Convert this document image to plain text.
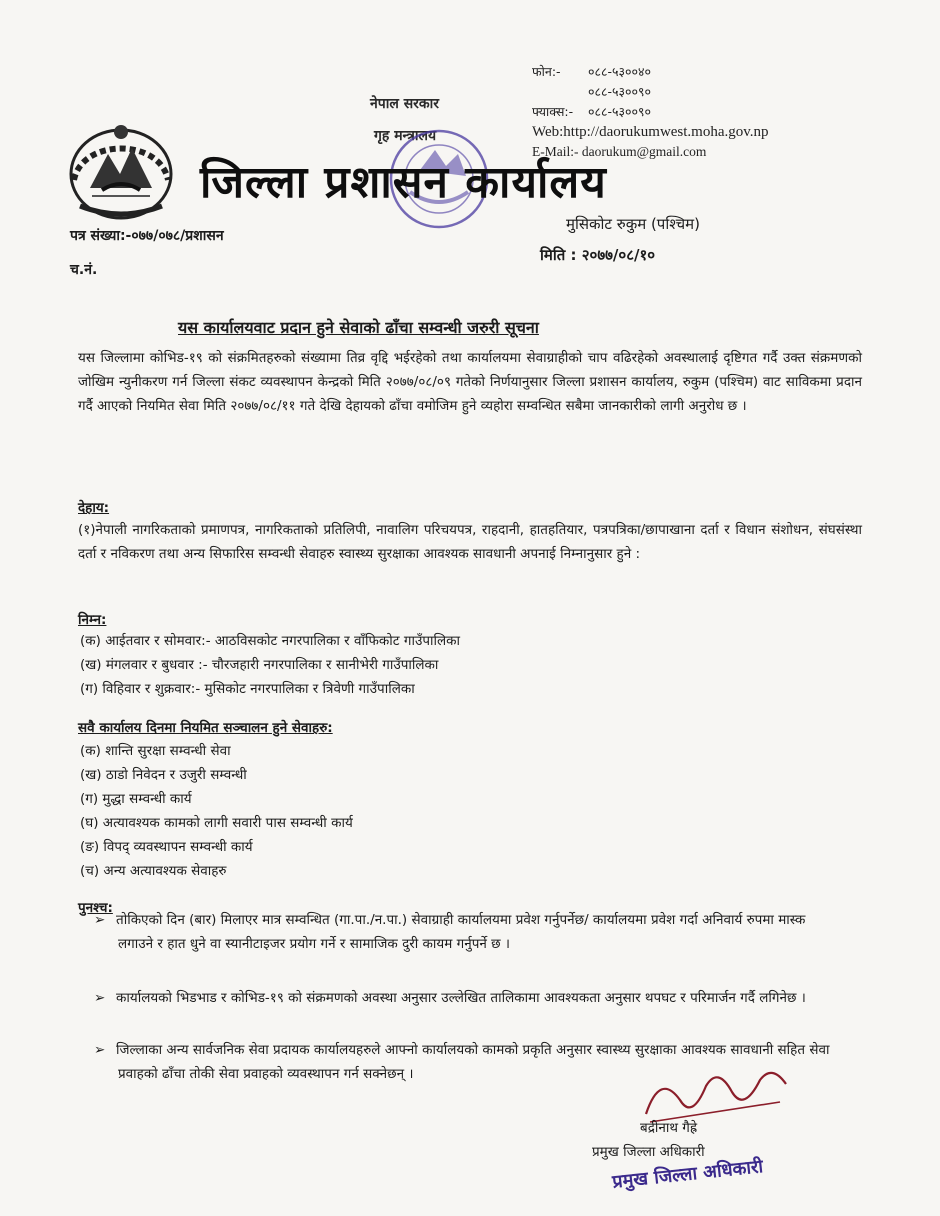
नेपाल सरकार
गृह मन्त्रालय
फोन:- ०८८-५३००४०
०८८-५३००९०
फ्याक्स:- ०८८-५३००९०
Web:http://daorukumwest.moha.gov.np
E-Mail:- daorukum@gmail.com
जिल्ला प्रशासन कार्यालय
मुसिकोट रुकुम (पश्चिम)
पत्र संख्या:-०७७/०७८/प्रशासन
मिति : २०७७/०८/१०
च.नं.
यस कार्यालयवाट प्रदान हुने सेवाको ढाँचा सम्वन्धी जरुरी सूचना
यस जिल्लामा कोभिड-१९ को संक्रमितहरुको संख्यामा तिव्र वृद्दि भईरहेको तथा कार्यालयमा सेवाग्राहीको चाप वढिरहेको अवस्थालाई दृष्टिगत गर्दै उक्त संक्रमणको जोखिम न्युनीकरण गर्न जिल्ला संकट व्यवस्थापन केन्द्रको मिति २०७७/०८/०९ गतेको निर्णयानुसार जिल्ला प्रशासन कार्यालय, रुकुम (पश्चिम) वाट साविकमा प्रदान गर्दै आएको नियमित सेवा मिति २०७७/०८/११ गते देखि देहायको ढाँचा वमोजिम हुने व्यहोरा सम्वन्धित सबैमा जानकारीको लागी अनुरोध छ ।
देहाय:
(१)नेपाली नागरिकताको प्रमाणपत्र, नागरिकताको प्रतिलिपी, नावालिग परिचयपत्र, राहदानी, हातहतियार, पत्रपत्रिका/छापाखाना दर्ता र विधान संशोधन, संघसंस्था दर्ता र नविकरण तथा अन्य सिफारिस सम्वन्धी सेवाहरु स्वास्थ्य सुरक्षाका आवश्यक सावधानी अपनाई निम्नानुसार हुने :
निम्न:
(क) आईतवार र सोमवार:- आठविसकोट नगरपालिका र वाँफिकोट गाउँपालिका
(ख) मंगलवार र बुधवार :- चौरजहारी नगरपालिका र सानीभेरी गाउँपालिका
(ग) विहिवार र शुक्रवार:- मुसिकोट नगरपालिका र त्रिवेणी गाउँपालिका
सवै कार्यालय दिनमा नियमित सञ्चालन हुने सेवाहरु:
(क) शान्ति सुरक्षा सम्वन्धी सेवा
(ख) ठाडो निवेदन र उजुरी सम्वन्धी
(ग) मुद्धा सम्वन्धी कार्य
(घ) अत्यावश्यक कामको लागी सवारी पास सम्वन्धी कार्य
(ङ) विपद् व्यवस्थापन सम्वन्धी कार्य
(च) अन्य अत्यावश्यक सेवाहरु
पुनश्च:
➢ तोकिएको दिन (बार) मिलाएर मात्र सम्वन्धित (गा.पा./न.पा.) सेवाग्राही कार्यालयमा प्रवेश गर्नुपर्नेछ/ कार्यालयमा प्रवेश गर्दा अनिवार्य रुपमा मास्क लगाउने र हात धुने वा स्यानीटाइजर प्रयोग गर्ने र सामाजिक दुरी कायम गर्नुपर्ने छ ।
➢ कार्यालयको भिडभाड र कोभिड-१९ को संक्रमणको अवस्था अनुसार उल्लेखित तालिकामा आवश्यकता अनुसार थपघट र परिमार्जन गर्दै लगिनेछ ।
➢ जिल्लाका अन्य सार्वजनिक सेवा प्रदायक कार्यालयहरुले आफ्नो कार्यालयको कामको प्रकृति अनुसार स्वास्थ्य सुरक्षाका आवश्यक सावधानी सहित सेवा प्रवाहको ढाँचा तोकी सेवा प्रवाहको व्यवस्थापन गर्न सक्नेछन् ।
बद्रीनाथ गैह्रे
प्रमुख जिल्ला अधिकारी
प्रमुख जिल्ला अधिकारी
